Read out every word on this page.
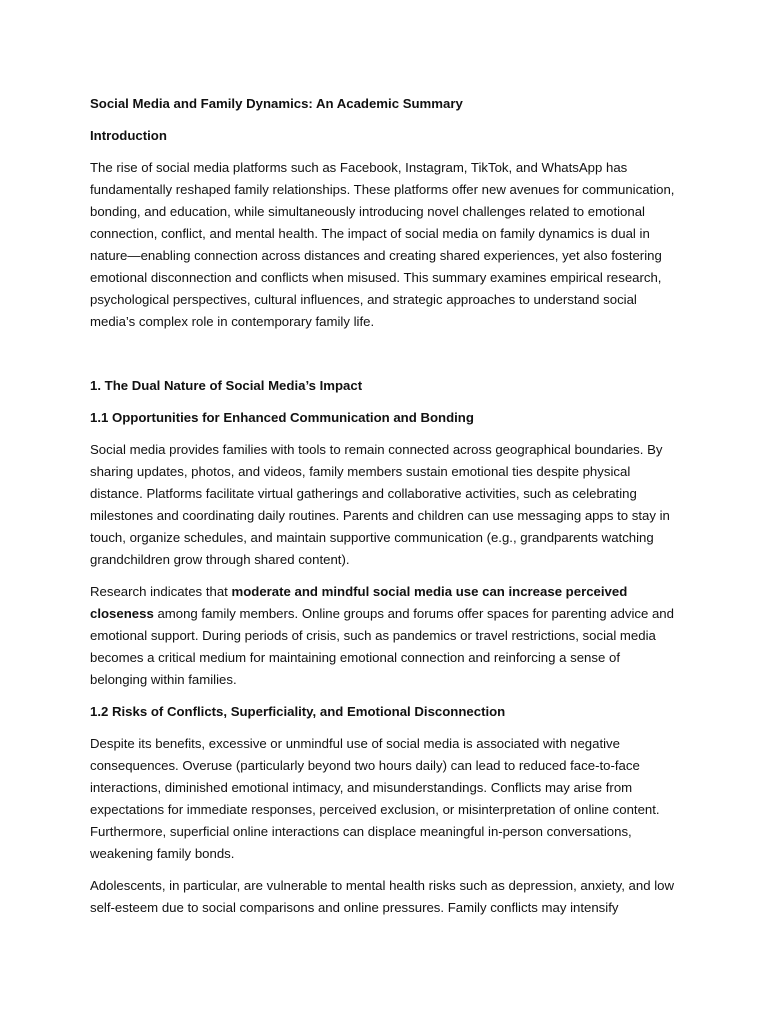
Social Media and Family Dynamics: An Academic Summary
Introduction
The rise of social media platforms such as Facebook, Instagram, TikTok, and WhatsApp has fundamentally reshaped family relationships. These platforms offer new avenues for communication, bonding, and education, while simultaneously introducing novel challenges related to emotional connection, conflict, and mental health. The impact of social media on family dynamics is dual in nature—enabling connection across distances and creating shared experiences, yet also fostering emotional disconnection and conflicts when misused. This summary examines empirical research, psychological perspectives, cultural influences, and strategic approaches to understand social media’s complex role in contemporary family life.
1. The Dual Nature of Social Media’s Impact
1.1 Opportunities for Enhanced Communication and Bonding
Social media provides families with tools to remain connected across geographical boundaries. By sharing updates, photos, and videos, family members sustain emotional ties despite physical distance. Platforms facilitate virtual gatherings and collaborative activities, such as celebrating milestones and coordinating daily routines. Parents and children can use messaging apps to stay in touch, organize schedules, and maintain supportive communication (e.g., grandparents watching grandchildren grow through shared content).
Research indicates that moderate and mindful social media use can increase perceived closeness among family members. Online groups and forums offer spaces for parenting advice and emotional support. During periods of crisis, such as pandemics or travel restrictions, social media becomes a critical medium for maintaining emotional connection and reinforcing a sense of belonging within families.
1.2 Risks of Conflicts, Superficiality, and Emotional Disconnection
Despite its benefits, excessive or unmindful use of social media is associated with negative consequences. Overuse (particularly beyond two hours daily) can lead to reduced face-to-face interactions, diminished emotional intimacy, and misunderstandings. Conflicts may arise from expectations for immediate responses, perceived exclusion, or misinterpretation of online content. Furthermore, superficial online interactions can displace meaningful in-person conversations, weakening family bonds.
Adolescents, in particular, are vulnerable to mental health risks such as depression, anxiety, and low self-esteem due to social comparisons and online pressures. Family conflicts may intensify
